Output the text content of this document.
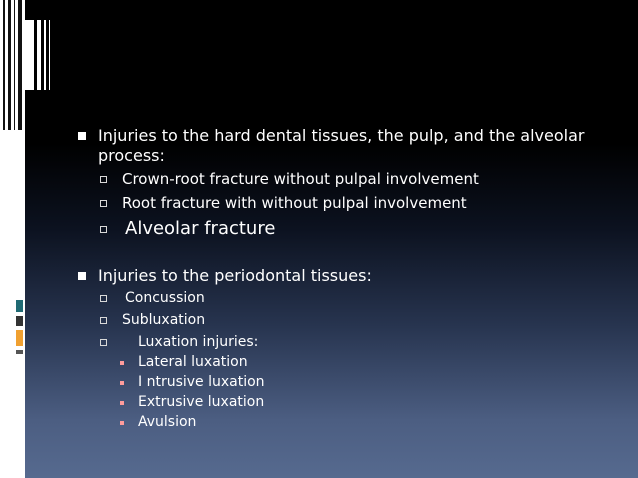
Injuries to the hard dental tissues, the pulp, and the alveolar
process:
Crown-root fracture without pulpal involvement
Root fracture with without pulpal involvement
Alveolar fracture
Injuries to the periodontal tissues:
Concussion
Subluxation
Luxation injuries:
Lateral luxation
I ntrusive luxation
Extrusive luxation
Avulsion
